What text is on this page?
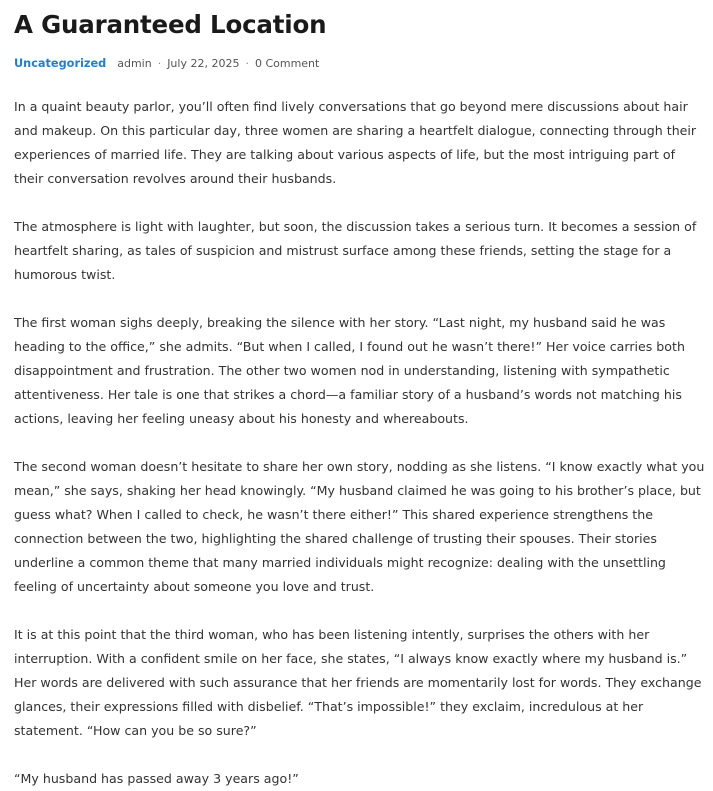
A Guaranteed Location
Uncategorized admin · July 22, 2025 · 0 Comment

In a quaint beauty parlor, you’ll often find lively conversations that go beyond mere discussions about hair and makeup. On this particular day, three women are sharing a heartfelt dialogue, connecting through their experiences of married life. They are talking about various aspects of life, but the most intriguing part of their conversation revolves around their husbands.

The atmosphere is light with laughter, but soon, the discussion takes a serious turn. It becomes a session of heartfelt sharing, as tales of suspicion and mistrust surface among these friends, setting the stage for a humorous twist.

The first woman sighs deeply, breaking the silence with her story. “Last night, my husband said he was heading to the office,” she admits. “But when I called, I found out he wasn’t there!” Her voice carries both disappointment and frustration. The other two women nod in understanding, listening with sympathetic attentiveness. Her tale is one that strikes a chord—a familiar story of a husband’s words not matching his actions, leaving her feeling uneasy about his honesty and whereabouts.

The second woman doesn’t hesitate to share her own story, nodding as she listens. “I know exactly what you mean,” she says, shaking her head knowingly. “My husband claimed he was going to his brother’s place, but guess what? When I called to check, he wasn’t there either!” This shared experience strengthens the connection between the two, highlighting the shared challenge of trusting their spouses. Their stories underline a common theme that many married individuals might recognize: dealing with the unsettling feeling of uncertainty about someone you love and trust.

It is at this point that the third woman, who has been listening intently, surprises the others with her interruption. With a confident smile on her face, she states, “I always know exactly where my husband is.” Her words are delivered with such assurance that her friends are momentarily lost for words. They exchange glances, their expressions filled with disbelief. “That’s impossible!” they exclaim, incredulous at her statement. “How can you be so sure?”

“My husband has passed away 3 years ago!”
